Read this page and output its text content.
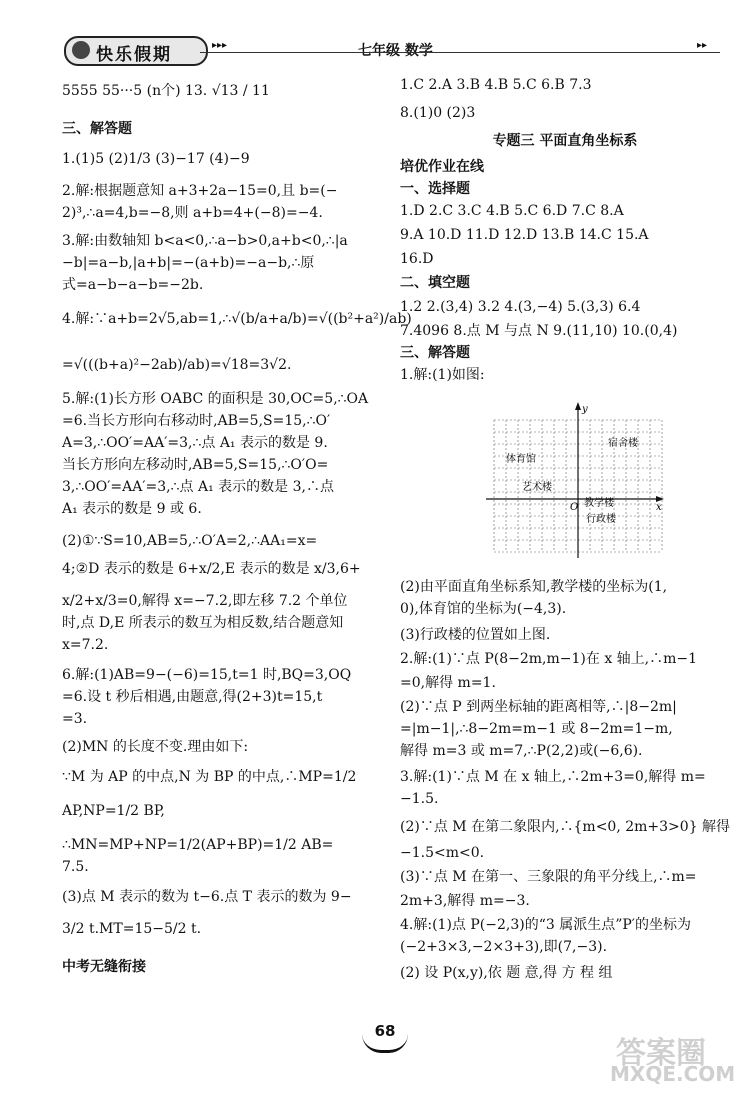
快乐假期	▸▸▸	七年级 数学	▸▸
5555 55···5 (n个) 13. √13 / 11
三、解答题
1.(1)5 (2)1/3 (3)−17 (4)−9
2.解:根据题意知 a+3+2a−15=0,且 b=(−
2)³,∴a=4,b=−8,则 a+b=4+(−8)=−4.
3.解:由数轴知 b<a<0,∴a−b>0,a+b<0,∴|a
−b|=a−b,|a+b|=−(a+b)=−a−b,∴原
式=a−b−a−b=−2b.
4.解:∵a+b=2√5,ab=1,∴√(b/a+a/b)=√((b²+a²)/ab)
=√(((b+a)²−2ab)/ab)=√18=3√2.
5.解:(1)长方形 OABC 的面积是 30,OC=5,∴OA
=6.当长方形向右移动时,AB=5,S=15,∴O′
A=3,∴OO′=AA′=3,∴点 A₁ 表示的数是 9.
当长方形向左移动时,AB=5,S=15,∴O′O=
3,∴OO′=AA′=3,∴点 A₁ 表示的数是 3,∴点
A₁ 表示的数是 9 或 6.
(2)①∵S=10,AB=5,∴O′A=2,∴AA₁=x=
4;②D 表示的数是 6+x/2,E 表示的数是 x/3,6+
x/2+x/3=0,解得 x=−7.2,即左移 7.2 个单位
时,点 D,E 所表示的数互为相反数,结合题意知
x=7.2.
6.解:(1)AB=9−(−6)=15,t=1 时,BQ=3,OQ
=6.设 t 秒后相遇,由题意,得(2+3)t=15,t
=3.
(2)MN 的长度不变.理由如下:
∵M 为 AP 的中点,N 为 BP 的中点,∴MP=1/2
AP,NP=1/2 BP,
∴MN=MP+NP=1/2(AP+BP)=1/2 AB=
7.5.
(3)点 M 表示的数为 t−6.点 T 表示的数为 9−
3/2 t.MT=15−5/2 t.
中考无缝衔接
1.C 2.A 3.B 4.B 5.C 6.B 7.3
8.(1)0 (2)3
专题三 平面直角坐标系
培优作业在线
一、选择题
1.D 2.C 3.C 4.B 5.C 6.D 7.C 8.A
9.A 10.D 11.D 12.D 13.B 14.C 15.A
16.D
二、填空题
1.2 2.(3,4) 3.2 4.(3,−4) 5.(3,3) 6.4
7.4096 8.点 M 与点 N 9.(11,10) 10.(0,4)
三、解答题
1.解:(1)如图:
(2)由平面直角坐标系知,教学楼的坐标为(1,
0),体育馆的坐标为(−4,3).
(3)行政楼的位置如上图.
2.解:(1)∵点 P(8−2m,m−1)在 x 轴上,∴m−1
=0,解得 m=1.
(2)∵点 P 到两坐标轴的距离相等,∴|8−2m|
=|m−1|,∴8−2m=m−1 或 8−2m=1−m,
解得 m=3 或 m=7,∴P(2,2)或(−6,6).
3.解:(1)∵点 M 在 x 轴上,∴2m+3=0,解得 m=
−1.5.
(2)∵点 M 在第二象限内,∴{m<0, 2m+3>0} 解得
−1.5<m<0.
(3)∵点 M 在第一、三象限的角平分线上,∴m=
2m+3,解得 m=−3.
4.解:(1)点 P(−2,3)的“3 属派生点”P′的坐标为
(−2+3×3,−2×3+3),即(7,−3).
(2) 设 P(x,y),依 题 意,得 方 程 组
x
y
O
宿舍楼
体育馆
艺术楼
教学楼
行政楼
68
答案圈
MXQE.COM
